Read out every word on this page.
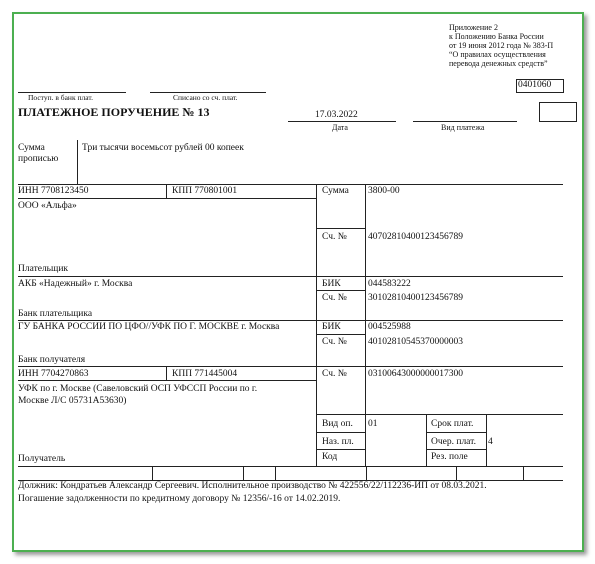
Приложение 2
к Положению Банка России
от 19 июня 2012 года № 383-П
“О правилах осуществления
перевода денежных средств”
0401060
Поступ. в банк плат.	Списано со сч. плат.
ПЛАТЕЖНОЕ ПОРУЧЕНИЕ № 13	17.03.2022
Дата	Вид платежа
Сумма
прописью
Три тысячи восемьсот рублей 00 копеек
ИНН 7708123450	КПП 770801001
ООО «Альфа»
Сумма 3800-00
Сч. № 40702810400123456789
Плательщик
АКБ «Надежный» г. Москва	БИК	044583222
Сч. № 30102810400123456789
Банк плательщика
ГУ БАНКА РОССИИ ПО ЦФО//УФК ПО Г. МОСКВЕ г. Москва	БИК	004525988
Сч. № 40102810545370000003
Банк получателя
ИНН 7704270863	КПП 771445004
УФК по г. Москве (Савеловский ОСП УФССП России по г.
Москве Л/С 05731А53630)
Сч. № 03100643000000017300
Вид оп. 01	Срок плат.
Наз. пл.	Очер. плат. 4
Код	Рез. поле
Получатель
Должник: Кондратьев Александр Сергеевич. Исполнительное производство № 422556/22/112236-ИП от 08.03.2021.
Погашение задолженности по кредитному договору № 12356/-16 от 14.02.2019.
